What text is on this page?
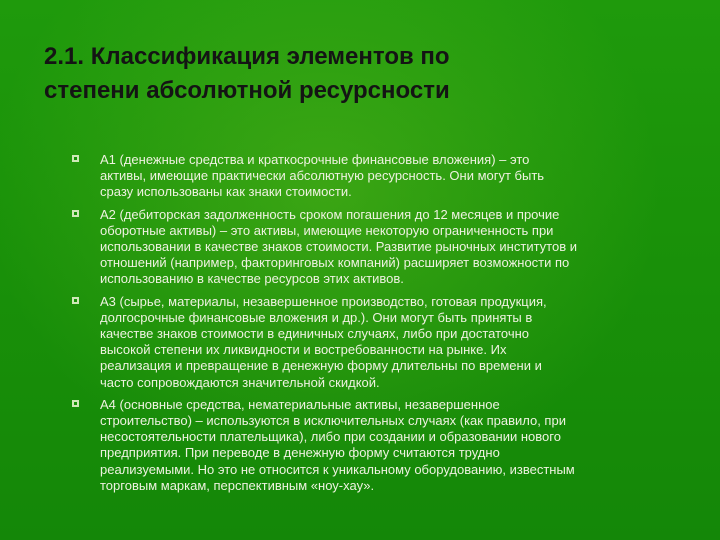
2.1. Классификация элементов по
степени абсолютной ресурсности
А1 (денежные средства и краткосрочные финансовые вложения) – это
активы, имеющие практически абсолютную ресурсность. Они могут быть
сразу использованы как знаки стоимости.
А2 (дебиторская задолженность сроком погашения до 12 месяцев и прочие
оборотные активы) – это активы, имеющие некоторую ограниченность при
использовании в качестве знаков стоимости. Развитие рыночных институтов и
отношений (например, факторинговых компаний) расширяет возможности по
использованию в качестве ресурсов этих активов.
А3 (сырье, материалы, незавершенное производство, готовая продукция,
долгосрочные финансовые вложения и др.). Они могут быть приняты в
качестве знаков стоимости в единичных случаях, либо при достаточно
высокой степени их ликвидности и востребованности на рынке. Их
реализация и превращение в денежную форму длительны по времени и
часто сопровождаются значительной скидкой.
А4 (основные средства, нематериальные активы, незавершенное
строительство) – используются в исключительных случаях (как правило, при
несостоятельности плательщика), либо при создании и образовании нового
предприятия. При переводе в денежную форму считаются трудно
реализуемыми. Но это не относится к уникальному оборудованию, известным
торговым маркам, перспективным «ноу-хау».
